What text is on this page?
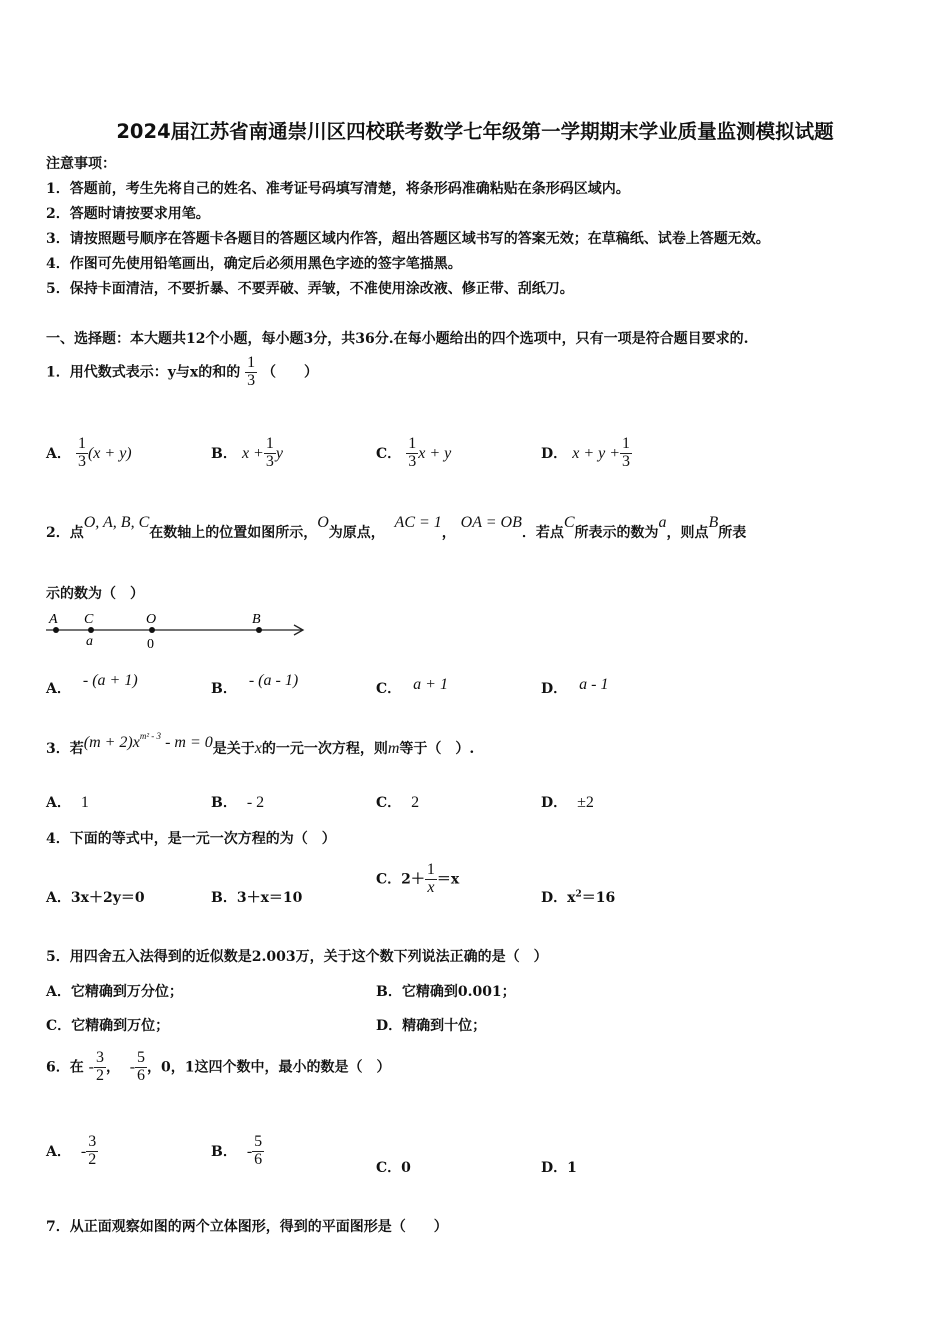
2024届江苏省南通崇川区四校联考数学七年级第一学期期末学业质量监测模拟试题
注意事项：
1．答题前，考生先将自己的姓名、准考证号码填写清楚，将条形码准确粘贴在条形码区域内。
2．答题时请按要求用笔。
3．请按照题号顺序在答题卡各题目的答题区域内作答，超出答题区域书写的答案无效；在草稿纸、试卷上答题无效。
4．作图可先使用铅笔画出，确定后必须用黑色字迹的签字笔描黑。
5．保持卡面清洁，不要折暴、不要弄破、弄皱，不准使用涂改液、修正带、刮纸刀。
一、选择题：本大题共12个小题，每小题3分，共36分.在每小题给出的四个选项中，只有一项是符合题目要求的.
1．用代数式表示：y与x的和的 $\frac{1}{3}$ （　　）
A． $\frac{1}{3} (x + y)$	B． $x + \frac{1}{3}$ y	C． $\frac{1}{3}$ x + y	D． $x + y + \frac{1}{3}$
2．点O, A, B, C在数轴上的位置如图所示，O为原点，  AC = 1， OA = OB．若点C所表示的数为a，则点B所表
示的数为（　）
A C	O	B
a	0
A． - (a + 1)	B． - (a - 1)	C． a + 1	D． a - 1
3．若$(m + 2)x^{m^2 - 3} - m = 0$是关于x的一元一次方程，则m等于（　）.
A． 1	B． - 2	C． 2	D． ±2
4．下面的等式中，是一元一次方程的为（　）
A．3x＋2y＝0	B．3＋x＝10
C．$2+ \frac{1}{x} =x$
D．$x^2=16$
5．用四舍五入法得到的近似数是2.003万，关于这个数下列说法正确的是（　）
A．它精确到万分位；	B．它精确到0.001；
C．它精确到万位；	D．精确到十位；
6．在 - $\frac{3}{2}$ ， - $\frac{5}{6}$ ，0，1这四个数中，最小的数是（　）
A． - $\frac{3}{2}$	B． - $\frac{5}{6}$	C．0	D．1
7．从正面观察如图的两个立体图形，得到的平面图形是（　　）
